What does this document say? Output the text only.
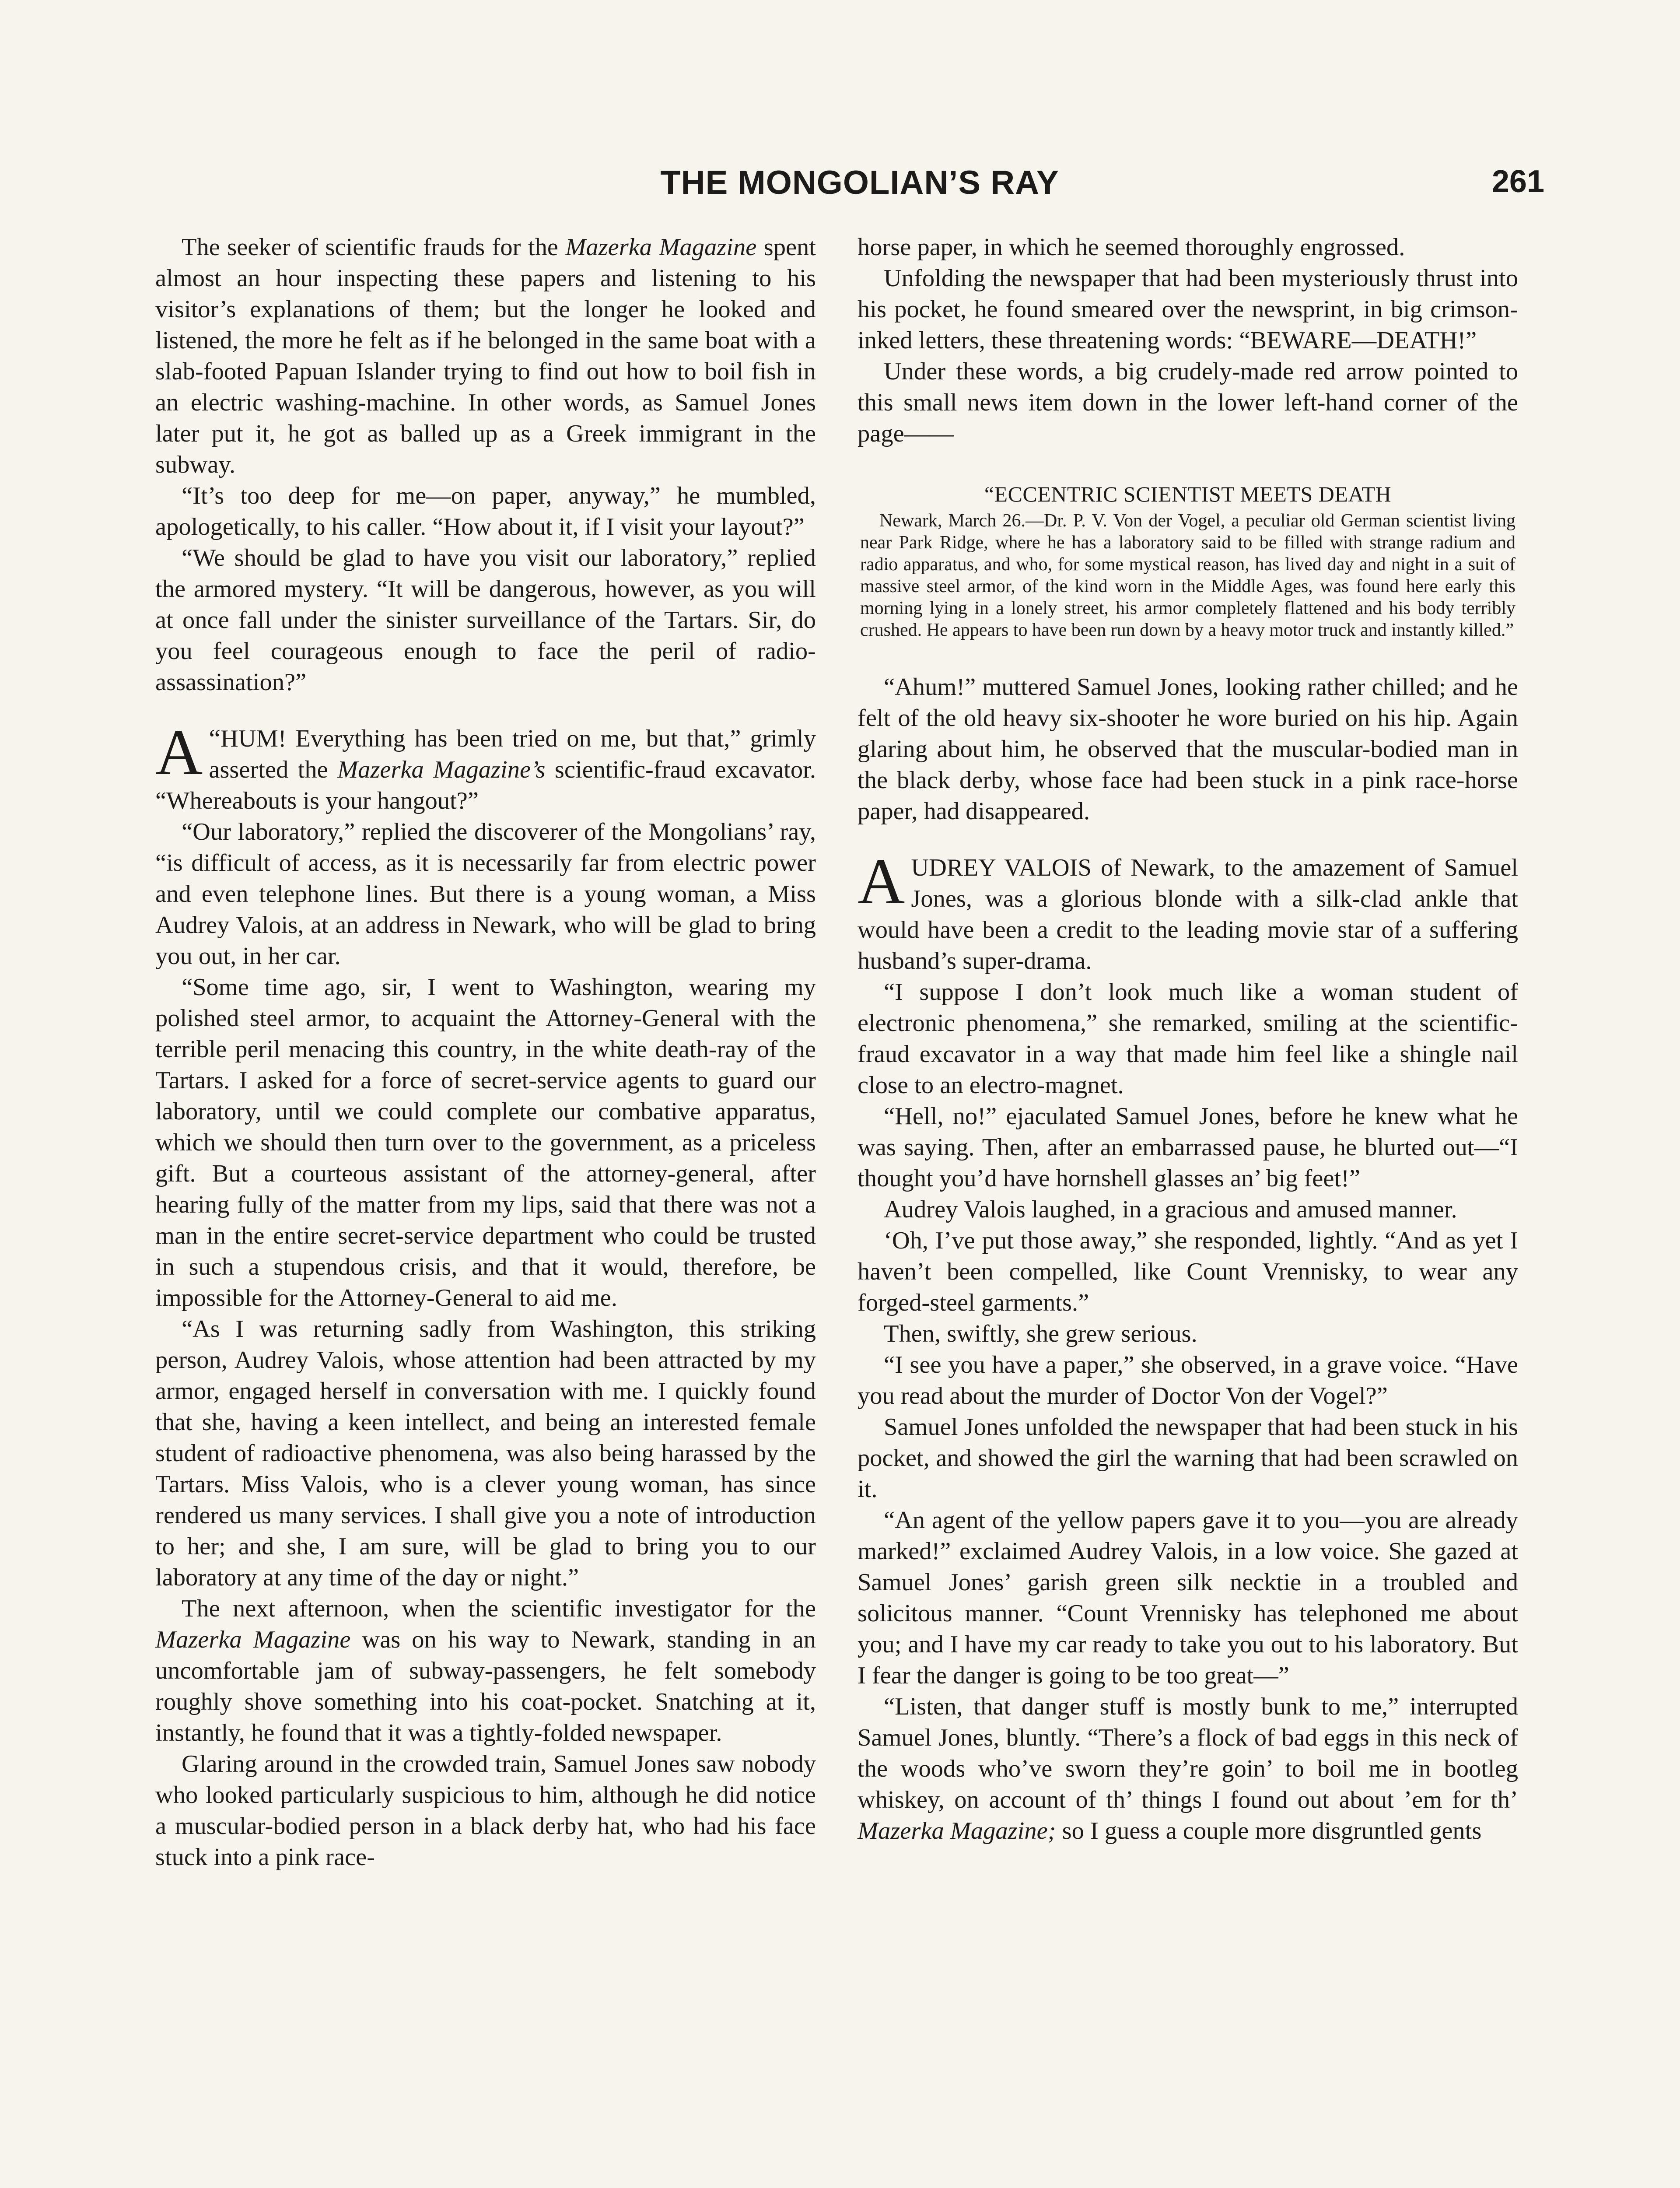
THE MONGOLIAN’S RAY	261

The seeker of scientific frauds for the Mazerka Magazine spent almost an hour inspecting these papers and listening to his visitor’s explanations of them; but the longer he looked and listened, the more he felt as if he belonged in the same boat with a slab-footed Papuan Islander trying to find out how to boil fish in an electric washing-machine. In other words, as Samuel Jones later put it, he got as balled up as a Greek immigrant in the subway.

“It’s too deep for me—on paper, anyway,” he mumbled, apologetically, to his caller. “How about it, if I visit your layout?”

“We should be glad to have you visit our laboratory,” replied the armored mystery. “It will be dangerous, however, as you will at once fall under the sinister surveillance of the Tartars. Sir, do you feel courageous enough to face the peril of radio-assassination?”

“
A HUM! Everything has been tried on me, but that,” grimly asserted the Mazerka Magazine’s scientific-fraud excavator. “Whereabouts is your hangout?”

“Our laboratory,” replied the discoverer of the Mongolians’ ray, “is difficult of access, as it is necessarily far from electric power and even telephone lines. But there is a young woman, a Miss Audrey Valois, at an address in Newark, who will be glad to bring you out, in her car.

“Some time ago, sir, I went to Washington, wearing my polished steel armor, to acquaint the Attorney-General with the terrible peril menacing this country, in the white death-ray of the Tartars. I asked for a force of secret-service agents to guard our laboratory, until we could complete our combative apparatus, which we should then turn over to the government, as a priceless gift. But a courteous assistant of the attorney-general, after hearing fully of the matter from my lips, said that there was not a man in the entire secret-service department who could be trusted in such a stupendous crisis, and that it would, therefore, be impossible for the Attorney-General to aid me.

“As I was returning sadly from Washington, this striking person, Audrey Valois, whose attention had been attracted by my armor, engaged herself in conversation with me. I quickly found that she, having a keen intellect, and being an interested female student of radioactive phenomena, was also being harassed by the Tartars. Miss Valois, who is a clever young woman, has since rendered us many services. I shall give you a note of introduction to her; and she, I am sure, will be glad to bring you to our laboratory at any time of the day or night.”

The next afternoon, when the scientific investigator for the Mazerka Magazine was on his way to Newark, standing in an uncomfortable jam of subway-passengers, he felt somebody roughly shove something into his coat-pocket. Snatching at it, instantly, he found that it was a tightly-folded newspaper.

Glaring around in the crowded train, Samuel Jones saw nobody who looked particularly suspicious to him, although he did notice a muscular-bodied person in a black derby hat, who had his face stuck into a pink race-

horse paper, in which he seemed thoroughly engrossed.

Unfolding the newspaper that had been mysteriously thrust into his pocket, he found smeared over the newsprint, in big crimson-inked letters, these threatening words: “BEWARE—DEATH!”

Under these words, a big crudely-made red arrow pointed to this small news item down in the lower left-hand corner of the page——

“ECCENTRIC SCIENTIST MEETS DEATH
Newark, March 26.—Dr. P. V. Von der Vogel, a peculiar old German scientist living near Park Ridge, where he has a laboratory said to be filled with strange radium and radio apparatus, and who, for some mystical reason, has lived day and night in a suit of massive steel armor, of the kind worn in the Middle Ages, was found here early this morning lying in a lonely street, his armor completely flattened and his body terribly crushed. He appears to have been run down by a heavy motor truck and instantly killed.”

“Ahum!” muttered Samuel Jones, looking rather chilled; and he felt of the old heavy six-shooter he wore buried on his hip. Again glaring about him, he observed that the muscular-bodied man in the black derby, whose face had been stuck in a pink race-horse paper, had disappeared.

AUDREY VALOIS of Newark, to the amazement of Samuel Jones, was a glorious blonde with a silk-clad ankle that would have been a credit to the leading movie star of a suffering husband’s super-drama.

“I suppose I don’t look much like a woman student of electronic phenomena,” she remarked, smiling at the scientific-fraud excavator in a way that made him feel like a shingle nail close to an electro-magnet.

“Hell, no!” ejaculated Samuel Jones, before he knew what he was saying. Then, after an embarrassed pause, he blurted out—“I thought you’d have hornshell glasses an’ big feet!”

Audrey Valois laughed, in a gracious and amused manner.

‘Oh, I’ve put those away,” she responded, lightly. “And as yet I haven’t been compelled, like Count Vrennisky, to wear any forged-steel garments.”

Then, swiftly, she grew serious.

“I see you have a paper,” she observed, in a grave voice. “Have you read about the murder of Doctor Von der Vogel?”

Samuel Jones unfolded the newspaper that had been stuck in his pocket, and showed the girl the warning that had been scrawled on it.

“An agent of the yellow papers gave it to you—you are already marked!” exclaimed Audrey Valois, in a low voice. She gazed at Samuel Jones’ garish green silk necktie in a troubled and solicitous manner. “Count Vrennisky has telephoned me about you; and I have my car ready to take you out to his laboratory. But I fear the danger is going to be too great—”

“Listen, that danger stuff is mostly bunk to me,” interrupted Samuel Jones, bluntly. “There’s a flock of bad eggs in this neck of the woods who’ve sworn they’re goin’ to boil me in bootleg whiskey, on account of th’ things I found out about ’em for th’ Mazerka Magazine; so I guess a couple more disgruntled gents
